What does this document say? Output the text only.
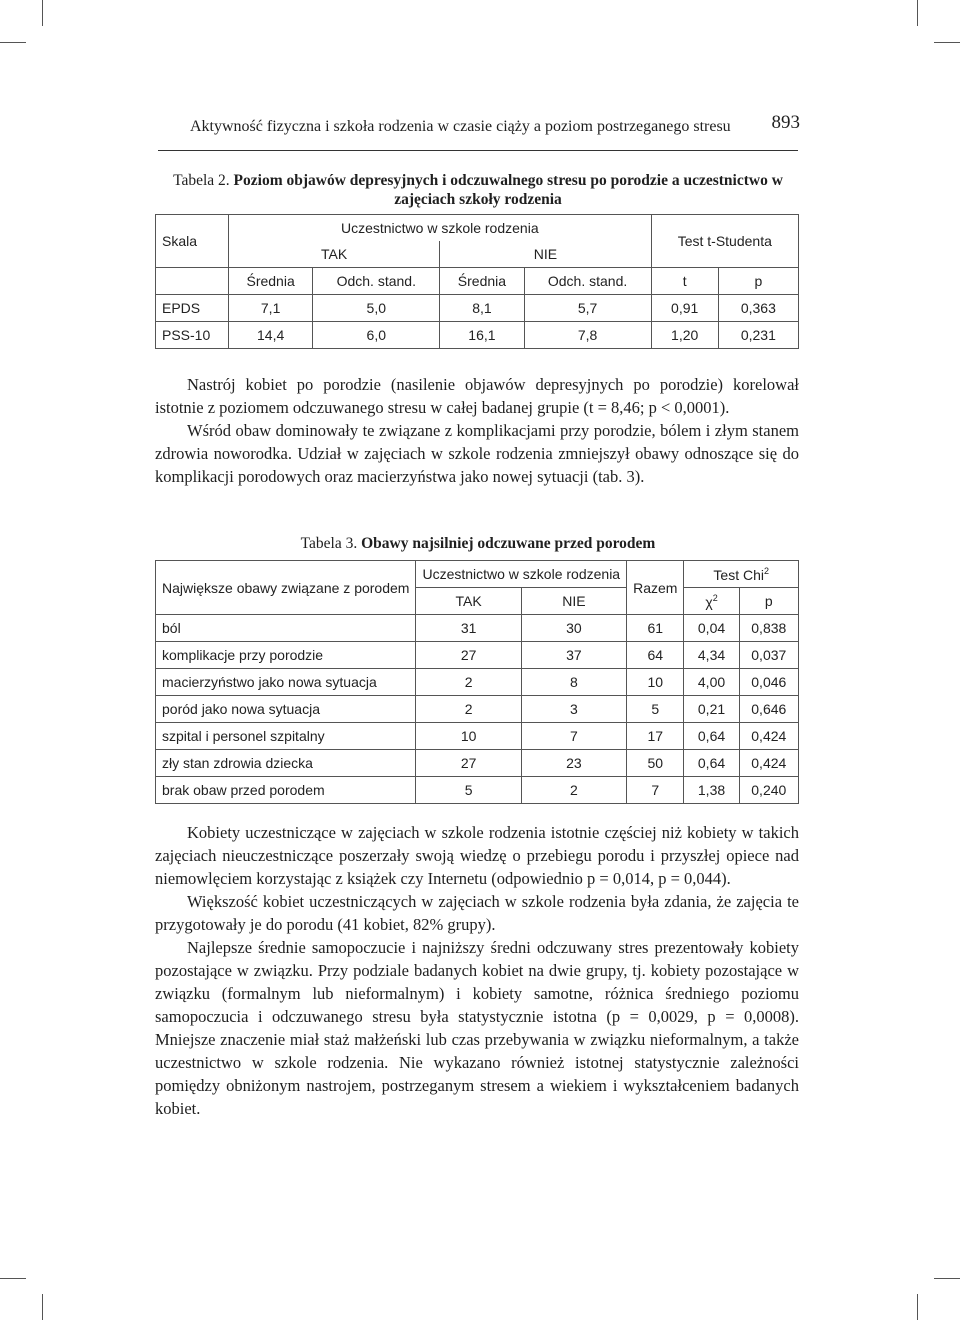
Aktywność fizyczna i szkoła rodzenia w czasie ciąży a poziom postrzeganego stresu 893
Tabela 2. Poziom objawów depresyjnych i odczuwalnego stresu po porodzie a uczestnictwo w zajęciach szkoły rodzenia
Skala	Uczestnictwo w szkole rodzenia				Test t-Studenta	
	TAK		NIE			
	Średnia	Odch. stand.	Średnia	Odch. stand.	t	p
EPDS	7,1	5,0	8,1	5,7	0,91	0,363
PSS-10	14,4	6,0	16,1	7,8	1,20	0,231

Nastrój kobiet po porodzie (nasilenie objawów depresyjnych po porodzie) korelował istotnie z poziomem odczuwanego stresu w całej badanej grupie (t = 8,46; p < 0,0001).

Wśród obaw dominowały te związane z komplikacjami przy porodzie, bólem i złym stanem zdrowia noworodka. Udział w zajęciach w szkole rodzenia zmniejszył obawy odnoszące się do komplikacji porodowych oraz macierzyństwa jako nowej sytuacji (tab. 3).

Tabela 3. Obawy najsilniej odczuwane przed porodem
Największe obawy związane z porodem	Uczestnictwo w szkole rodzenia		Razem	Test Chi$^2$
	TAK	NIE		$\chi^2$	p
ból	31	30	61	0,04	0,838
komplikacje przy porodzie	27	37	64	4,34	0,037
macierzyństwo jako nowa sytuacja	2	8	10	4,00	0,046
poród jako nowa sytuacja	2	3	5	0,21	0,646
szpital i personel szpitalny	10	7	17	0,64	0,424
zły stan zdrowia dziecka	27	23	50	0,64	0,424
brak obaw przed porodem	5	2	7	1,38	0,240

Kobiety uczestniczące w zajęciach w szkole rodzenia istotnie częściej niż kobiety w takich zajęciach nieuczestniczące poszerzały swoją wiedzę o przebiegu porodu i przyszłej opiece nad niemowlęciem korzystając z książek czy Internetu (odpowiednio p = 0,014, p = 0,044).

Większość kobiet uczestniczących w zajęciach w szkole rodzenia była zdania, że zajęcia te przygotowały je do porodu (41 kobiet, 82% grupy).

Najlepsze średnie samopoczucie i najniższy średni odczuwany stres prezentowały kobiety pozostające w związku. Przy podziale badanych kobiet na dwie grupy, tj. kobiety pozostające w związku (formalnym lub nieformalnym) i kobiety samotne, różnica średniego poziomu samopoczucia i odczuwanego stresu była statystycznie istotna (p = 0,0029, p = 0,0008). Mniejsze znaczenie miał staż małżeński lub czas przebywania w związku nieformalnym, a także uczestnictwo w szkole rodzenia. Nie wykazano również istotnej statystycznie zależności pomiędzy obniżonym nastrojem, postrzeganym stresem a wiekiem i wykształceniem badanych kobiet.
